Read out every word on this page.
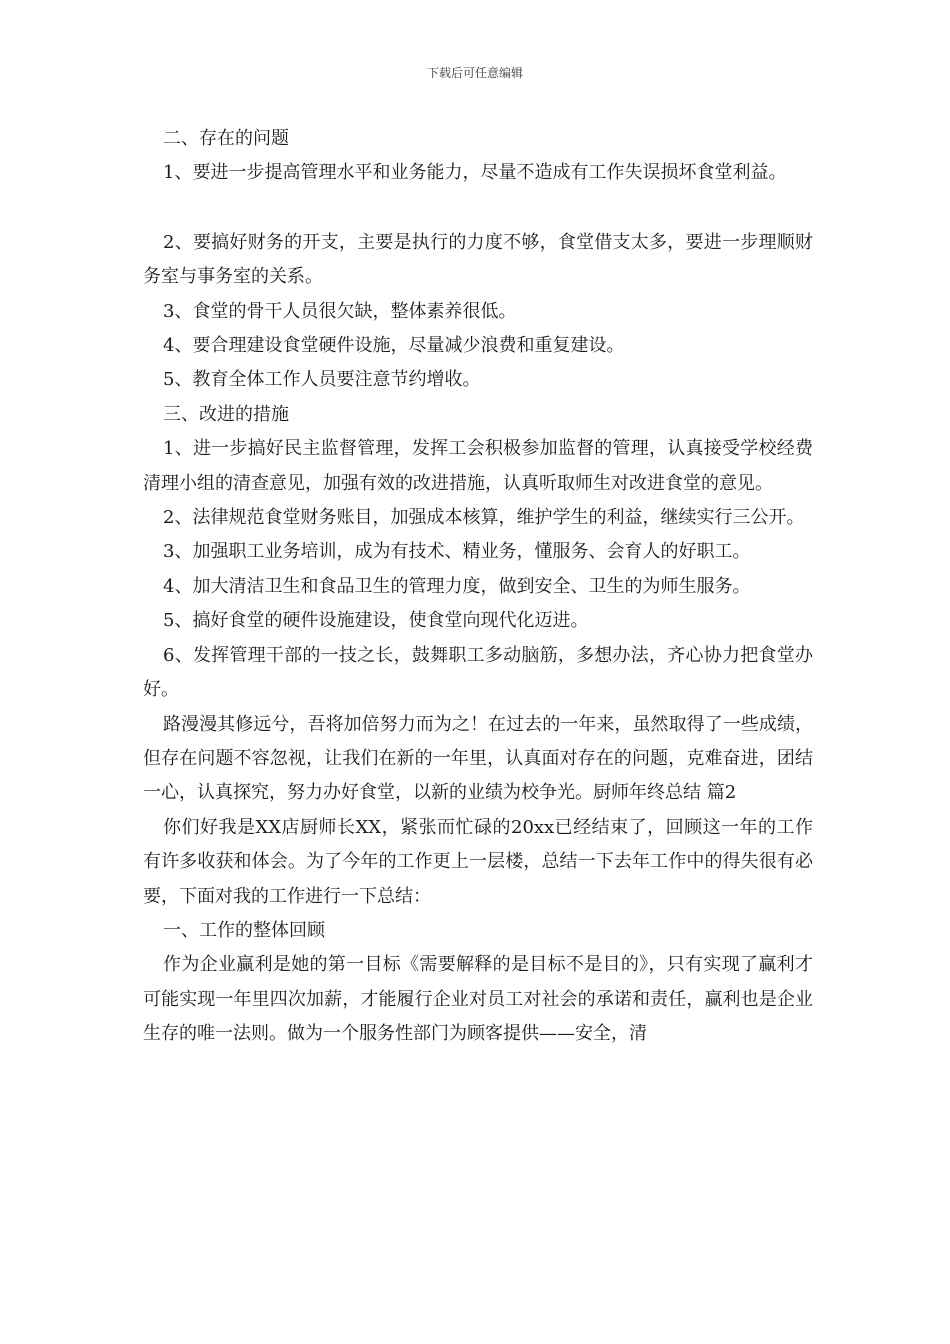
下载后可任意编辑

二、存在的问题

1、要进一步提高管理水平和业务能力，尽量不造成有工作失误损坏食堂利益。

2、要搞好财务的开支，主要是执行的力度不够，食堂借支太多，要进一步理顺财务室与事务室的关系。

3、食堂的骨干人员很欠缺，整体素养很低。

4、要合理建设食堂硬件设施，尽量减少浪费和重复建设。

5、教育全体工作人员要注意节约增收。

三、改进的措施

1、进一步搞好民主监督管理，发挥工会积极参加监督的管理，认真接受学校经费清理小组的清查意见，加强有效的改进措施，认真听取师生对改进食堂的意见。

2、法律规范食堂财务账目，加强成本核算，维护学生的利益，继续实行三公开。

3、加强职工业务培训，成为有技术、精业务，懂服务、会育人的好职工。

4、加大清洁卫生和食品卫生的管理力度，做到安全、卫生的为师生服务。

5、搞好食堂的硬件设施建设，使食堂向现代化迈进。

6、发挥管理干部的一技之长，鼓舞职工多动脑筋，多想办法，齐心协力把食堂办好。

路漫漫其修远兮，吾将加倍努力而为之！在过去的一年来，虽然取得了一些成绩，但存在问题不容忽视，让我们在新的一年里，认真面对存在的问题，克难奋进，团结一心，认真探究，努力办好食堂，以新的业绩为校争光。厨师年终总结 篇2

你们好我是XX店厨师长XX，紧张而忙碌的20xx已经结束了，回顾这一年的工作有许多收获和体会。为了今年的工作更上一层楼，总结一下去年工作中的得失很有必要，下面对我的工作进行一下总结：

一、工作的整体回顾

作为企业赢利是她的第一目标《需要解释的是目标不是目的》，只有实现了赢利才可能实现一年里四次加薪，才能履行企业对员工对社会的承诺和责任，赢利也是企业生存的唯一法则。做为一个服务性部门为顾客提供——安全，清
